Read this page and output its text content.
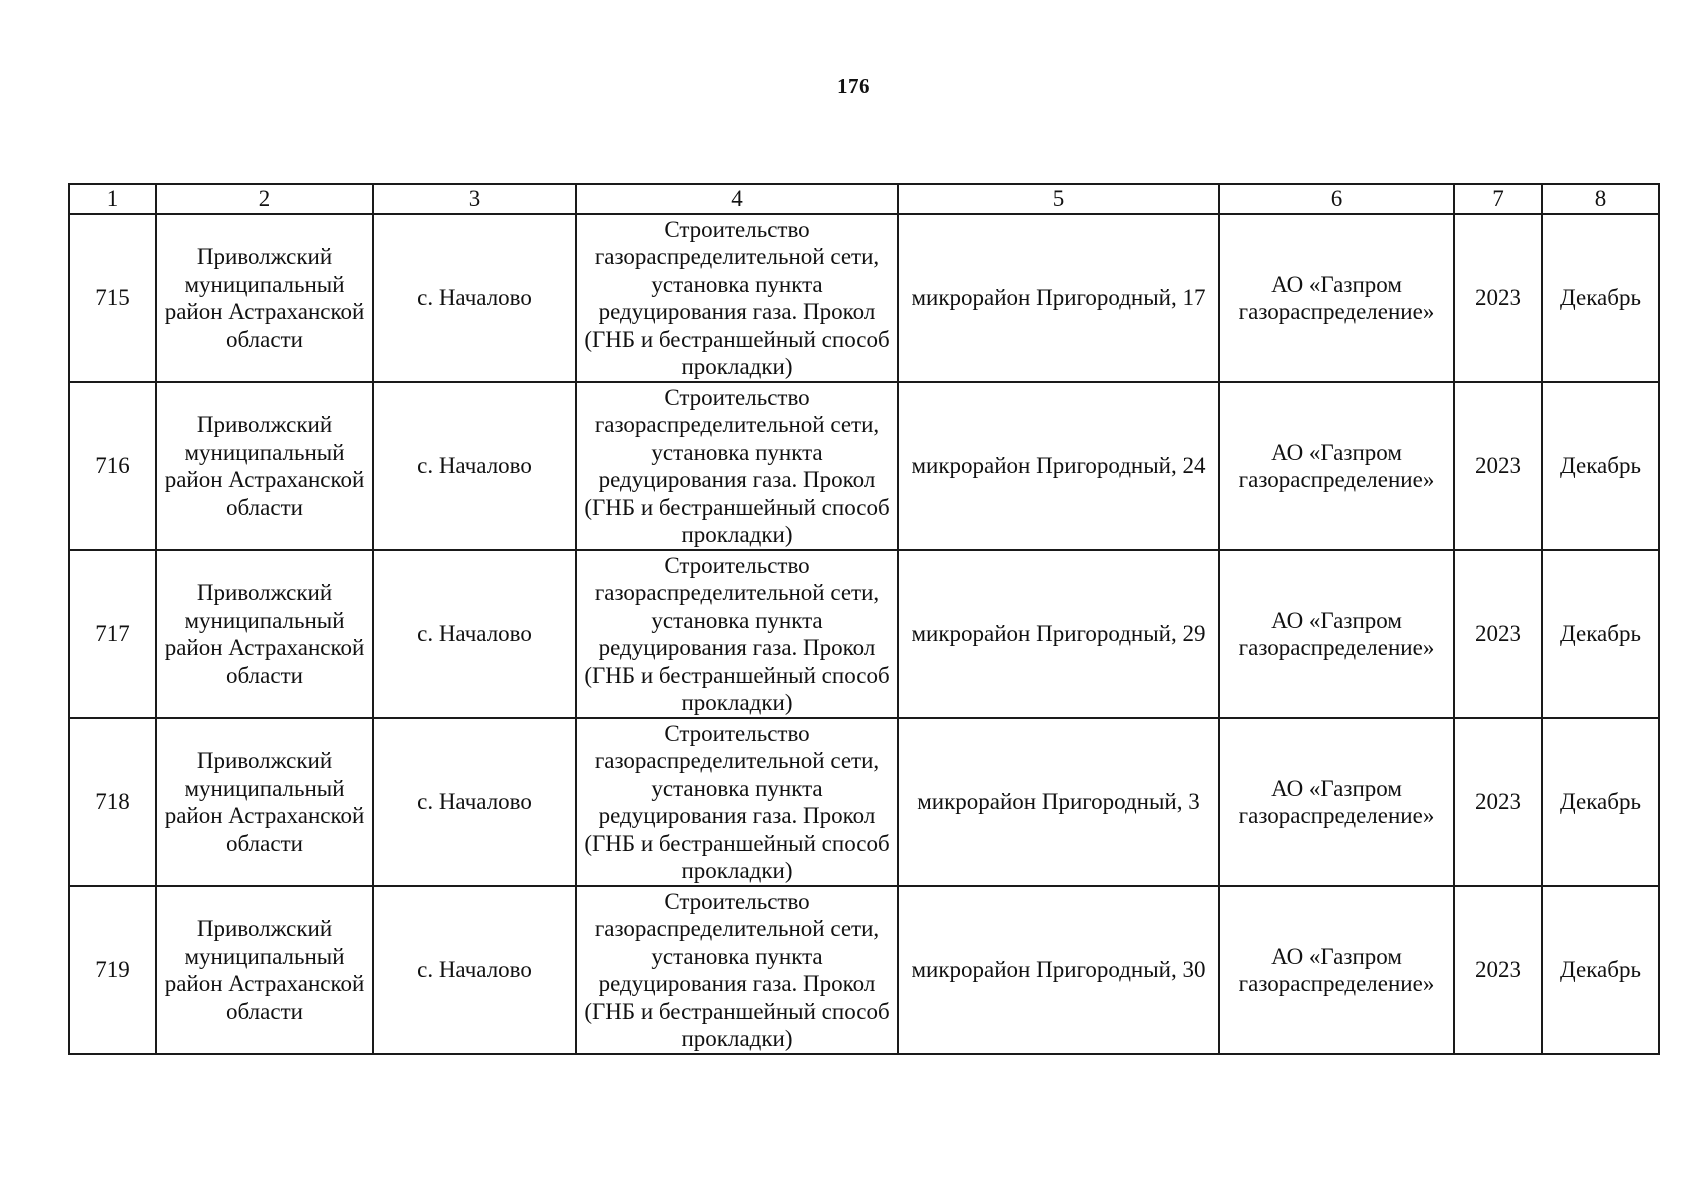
176
1	2	3	4	5	6	7	8
715	Приволжский муниципальный район Астраханской области	с. Началово	Строительство газораспределительной сети, установка пункта редуцирования газа. Прокол (ГНБ и бестраншейный способ прокладки)	микрорайон Пригородный, 17	АО «Газпром газораспределение»	2023	Декабрь
716	Приволжский муниципальный район Астраханской области	с. Началово	Строительство газораспределительной сети, установка пункта редуцирования газа. Прокол (ГНБ и бестраншейный способ прокладки)	микрорайон Пригородный, 24	АО «Газпром газораспределение»	2023	Декабрь
717	Приволжский муниципальный район Астраханской области	с. Началово	Строительство газораспределительной сети, установка пункта редуцирования газа. Прокол (ГНБ и бестраншейный способ прокладки)	микрорайон Пригородный, 29	АО «Газпром газораспределение»	2023	Декабрь
718	Приволжский муниципальный район Астраханской области	с. Началово	Строительство газораспределительной сети, установка пункта редуцирования газа. Прокол (ГНБ и бестраншейный способ прокладки)	микрорайон Пригородный, 3	АО «Газпром газораспределение»	2023	Декабрь
719	Приволжский муниципальный район Астраханской области	с. Началово	Строительство газораспределительной сети, установка пункта редуцирования газа. Прокол (ГНБ и бестраншейный способ прокладки)	микрорайон Пригородный, 30	АО «Газпром газораспределение»	2023	Декабрь
